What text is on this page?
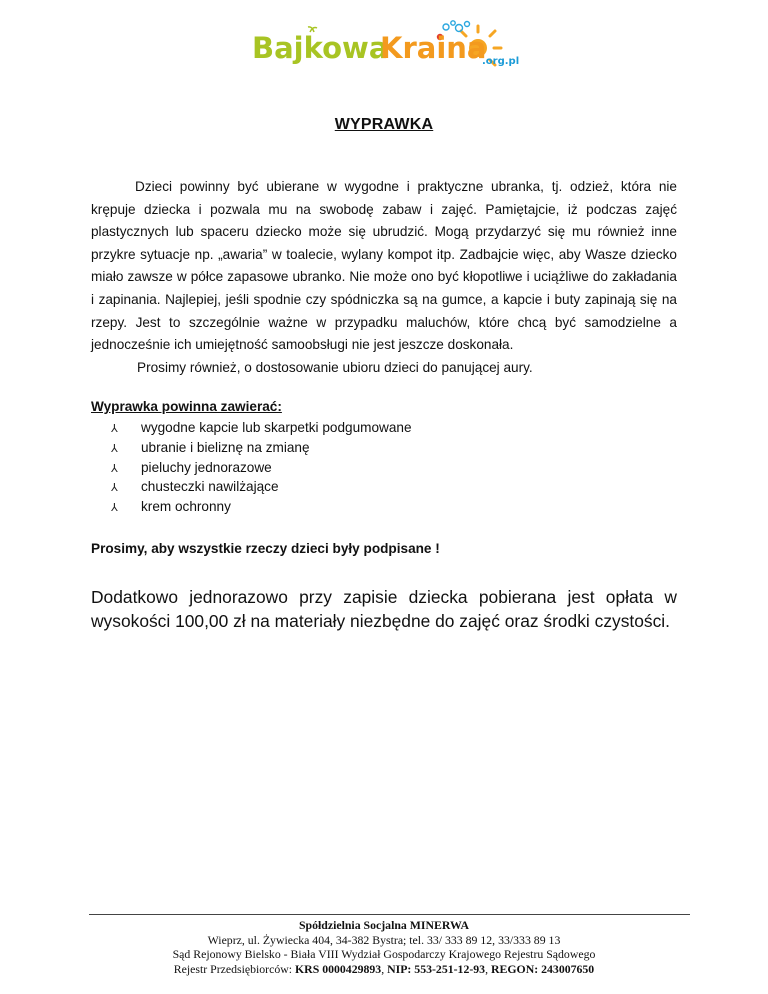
Bajkowa
Kraina
.org.pl
WYPRAWKA

Dzieci powinny być ubierane w wygodne i praktyczne ubranka, tj. odzież, która nie krępuje dziecka i pozwala mu na swobodę zabaw i zajęć. Pamiętajcie, iż podczas zajęć plastycznych lub spaceru dziecko może się ubrudzić. Mogą przydarzyć się mu również inne przykre sytuacje np. „awaria” w toalecie, wylany kompot itp. Zadbajcie więc, aby Wasze dziecko miało zawsze w półce zapasowe ubranko. Nie może ono być kłopotliwe i uciążliwe do zakładania i zapinania. Najlepiej, jeśli spodnie czy spódniczka są na gumce, a kapcie i buty zapinają się na rzepy. Jest to szczególnie ważne w przypadku maluchów, które chcą być samodzielne a jednocześnie ich umiejętność samoobsługi nie jest jeszcze doskonała.

Prosimy również, o dostosowanie ubioru dzieci do panującej aury.

Wyprawka powinna zawierać:
⅄ wygodne kapcie lub skarpetki podgumowane
⅄ ubranie i bieliznę na zmianę
⅄ pieluchy jednorazowe
⅄ chusteczki nawilżające
⅄ krem ochronny
Prosimy, aby wszystkie rzeczy dzieci były podpisane !

Dodatkowo jednorazowo przy zapisie dziecka pobierana jest opłata w wysokości 100,00 zł na materiały niezbędne do zajęć oraz środki czystości.

Spółdzielnia Socjalna MINERWA
Wieprz, ul. Żywiecka 404, 34-382 Bystra; tel. 33/ 333 89 12, 33/333 89 13
Sąd Rejonowy Bielsko - Biała VIII Wydział Gospodarczy Krajowego Rejestru Sądowego
Rejestr Przedsiębiorców: KRS 0000429893, NIP: 553-251-12-93, REGON: 243007650
